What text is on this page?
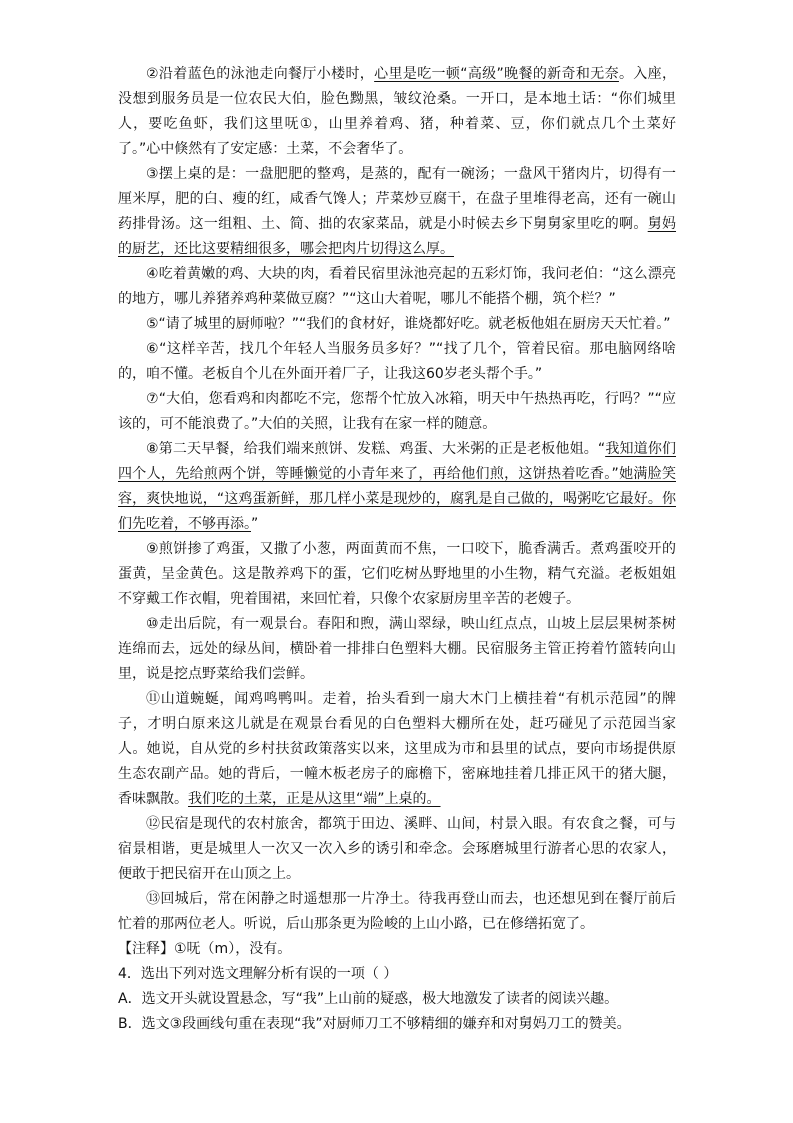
②沿着蓝色的泳池走向餐厅小楼时，心里是吃一顿“高级”晚餐的新奇和无奈。入座，没想到服务员是一位农民大伯，脸色黝黑，皱纹沧桑。一开口，是本地土话：“你们城里人，要吃鱼虾，我们这里呒①，山里养着鸡、猪，种着菜、豆，你们就点几个土菜好了。”心中倏然有了安定感：土菜，不会奢华了。

③摆上桌的是：一盘肥肥的整鸡，是蒸的，配有一碗汤；一盘风干猪肉片，切得有一厘米厚，肥的白、瘦的红，咸香气馋人；芹菜炒豆腐干，在盘子里堆得老高，还有一碗山药排骨汤。这一组粗、土、简、拙的农家菜品，就是小时候去乡下舅舅家里吃的啊。舅妈的厨艺，还比这要精细很多，哪会把肉片切得这么厚。

④吃着黄嫩的鸡、大块的肉，看着民宿里泳池亮起的五彩灯饰，我问老伯：“这么漂亮的地方，哪儿养猪养鸡种菜做豆腐？”“这山大着呢，哪儿不能搭个棚，筑个栏？”

⑤“请了城里的厨师啦？”“我们的食材好，谁烧都好吃。就老板他姐在厨房天天忙着。”

⑥“这样辛苦，找几个年轻人当服务员多好？”“找了几个，管着民宿。那电脑网络啥的，咱不懂。老板自个儿在外面开着厂子，让我这60岁老头帮个手。”

⑦“大伯，您看鸡和肉都吃不完，您帮个忙放入冰箱，明天中午热热再吃，行吗？”“应该的，可不能浪费了。”大伯的关照，让我有在家一样的随意。

⑧第二天早餐，给我们端来煎饼、发糕、鸡蛋、大米粥的正是老板他姐。“我知道你们四个人，先给煎两个饼，等睡懒觉的小青年来了，再给他们煎，这饼热着吃香。”她满脸笑容，爽快地说，“这鸡蛋新鲜，那几样小菜是现炒的，腐乳是自己做的，喝粥吃它最好。你们先吃着，不够再添。”

⑨煎饼掺了鸡蛋，又撒了小葱，两面黄而不焦，一口咬下，脆香满舌。煮鸡蛋咬开的蛋黄，呈金黄色。这是散养鸡下的蛋，它们吃树丛野地里的小生物，精气充溢。老板姐姐不穿戴工作衣帽，兜着围裙，来回忙着，只像个农家厨房里辛苦的老嫂子。

⑩走出后院，有一观景台。春阳和煦，满山翠绿，映山红点点，山坡上层层果树茶树连绵而去，远处的绿丛间，横卧着一排排白色塑料大棚。民宿服务主管正挎着竹篮转向山里，说是挖点野菜给我们尝鲜。

⑪山道蜿蜒，闻鸡鸣鸭叫。走着，抬头看到一扇大木门上横挂着“有机示范园”的牌子，才明白原来这儿就是在观景台看见的白色塑料大棚所在处，赶巧碰见了示范园当家人。她说，自从党的乡村扶贫政策落实以来，这里成为市和县里的试点，要向市场提供原生态农副产品。她的背后，一幢木板老房子的廊檐下，密麻地挂着几排正风干的猪大腿，香味飘散。我们吃的土菜，正是从这里“端”上桌的。

⑫民宿是现代的农村旅舍，都筑于田边、溪畔、山间，村景入眼。有农食之餐，可与宿景相谐，更是城里人一次又一次入乡的诱引和牵念。会琢磨城里行游者心思的农家人，便敢于把民宿开在山顶之上。

⑬回城后，常在闲静之时遥想那一片净土。待我再登山而去，也还想见到在餐厅前后忙着的那两位老人。听说，后山那条更为险峻的上山小路，已在修缮拓宽了。

【注释】①呒（m），没有。

4．选出下列对选文理解分析有误的一项（ ）

A．选文开头就设置悬念，写“我”上山前的疑惑，极大地激发了读者的阅读兴趣。

B．选文③段画线句重在表现“我”对厨师刀工不够精细的嫌弃和对舅妈刀工的赞美。
